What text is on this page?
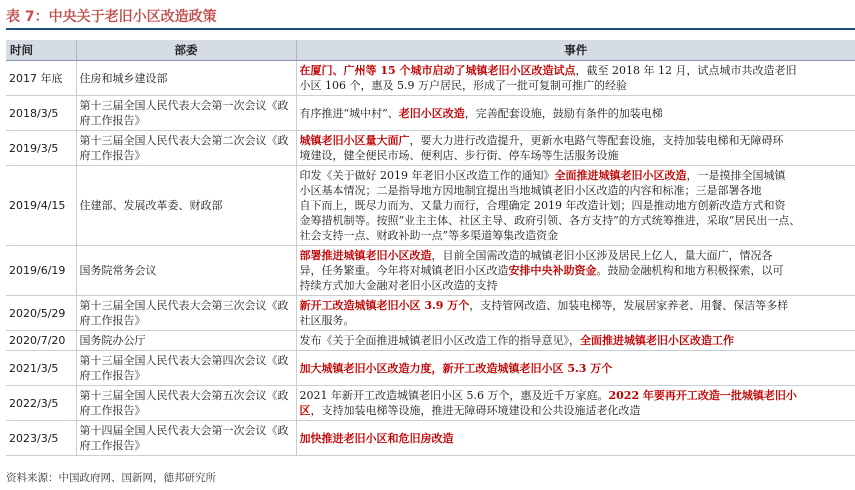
表 7：中央关于老旧小区改造政策
时间	部委	事件
2017 年底	住房和城乡建设部	在厦门、广州等 15 个城市启动了城镇老旧小区改造试点，截至 2018 年 12 月，试点城市共改造老旧
小区 106 个，惠及 5.9 万户居民，形成了一批可复制可推广的经验

2018/3/5	第十三届全国人民代表大会第一次会议《政府工作报告》	有序推进“城中村”、老旧小区改造，完善配套设施，鼓励有条件的加装电梯

2019/3/5	第十三届全国人民代表大会第二次会议《政府工作报告》	城镇老旧小区量大面广，要大力进行改造提升，更新水电路气等配套设施，支持加装电梯和无障碍环
境建设，健全便民市场、便利店、步行街、停车场等生活服务设施

2019/4/15	住建部、发展改革委、财政部	印发《关于做好 2019 年老旧小区改造工作的通知》全面推进城镇老旧小区改造，一是摸排全国城镇
小区基本情况；二是指导地方因地制宜提出当地城镇老旧小区改造的内容和标准；三是部署各地
自下而上，既尽力而为、又量力而行，合理确定 2019 年改造计划；四是推动地方创新改造方式和资
金筹措机制等。按照“业主主体、社区主导、政府引领、各方支持”的方式统筹推进，采取“居民出一点、
社会支持一点、财政补助一点”等多渠道筹集改造资金

2019/6/19	国务院常务会议	部署推进城镇老旧小区改造，目前全国需改造的城镇老旧小区涉及居民上亿人，量大面广，情况各
异，任务繁重。今年将对城镇老旧小区改造安排中央补助资金。鼓励金融机构和地方积极探索，以可
持续方式加大金融对老旧小区改造的支持

2020/5/29	第十三届全国人民代表大会第三次会议《政府工作报告》	新开工改造城镇老旧小区 3.9 万个，支持管网改造、加装电梯等，发展居家养老、用餐、保洁等多样
社区服务。

2020/7/20	国务院办公厅	发布《关于全面推进城镇老旧小区改造工作的指导意见》，全面推进城镇老旧小区改造工作

2021/3/5	第十三届全国人民代表大会第四次会议《政府工作报告》	加大城镇老旧小区改造力度，新开工改造城镇老旧小区 5.3 万个

2022/3/5	第十三届全国人民代表大会第五次会议《政府工作报告》	2021 年新开工改造城镇老旧小区 5.6 万个，惠及近千万家庭。2022 年要再开工改造一批城镇老旧小
区，支持加装电梯等设施，推进无障碍环境建设和公共设施适老化改造

2023/3/5	第十四届全国人民代表大会第一次会议《政府工作报告》	加快推进老旧小区和危旧房改造
资料来源：中国政府网、国新网，德邦研究所
